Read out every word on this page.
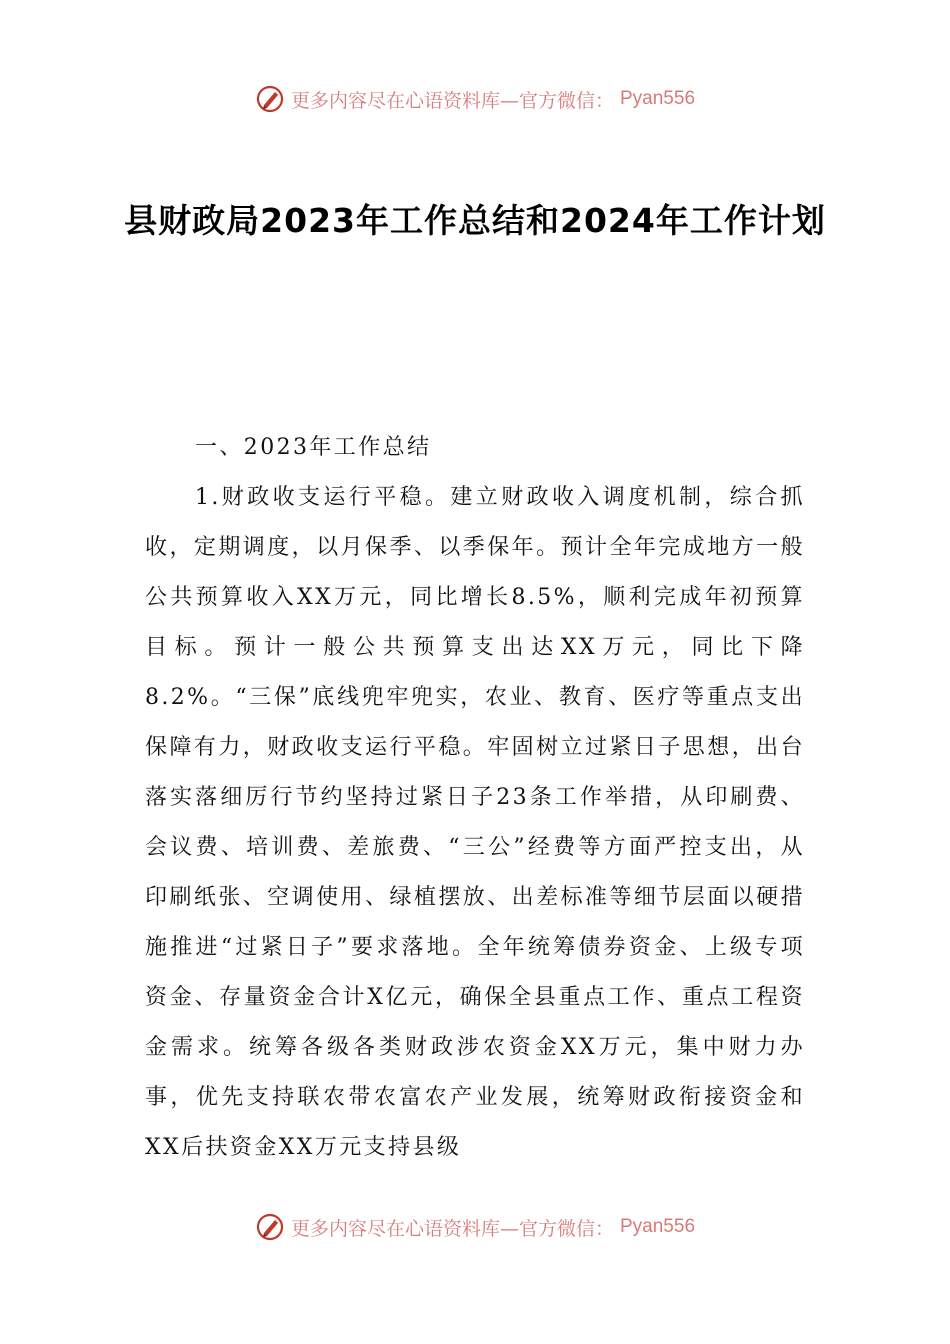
更多内容尽在心语资料库—官方微信： Pyan556
县财政局2023年工作总结和2024年工作计划

一、2023年工作总结

1.财政收支运行平稳。建立财政收入调度机制，综合抓收，定期调度，以月保季、以季保年。预计全年完成地方一般公共预算收入XX万元，同比增长8.5%，顺利完成年初预算目标。预计一般公共预算支出达XX万元，同比下降8.2%。“三保”底线兜牢兜实，农业、教育、医疗等重点支出保障有力，财政收支运行平稳。牢固树立过紧日子思想，出台落实落细厉行节约坚持过紧日子23条工作举措，从印刷费、会议费、培训费、差旅费、“三公”经费等方面严控支出，从印刷纸张、空调使用、绿植摆放、出差标准等细节层面以硬措施推进“过紧日子”要求落地。全年统筹债券资金、上级专项资金、存量资金合计X亿元，确保全县重点工作、重点工程资金需求。统筹各级各类财政涉农资金XX万元，集中财力办事，优先支持联农带农富农产业发展，统筹财政衔接资金和XX后扶资金XX万元支持县级

更多内容尽在心语资料库—官方微信： Pyan556
